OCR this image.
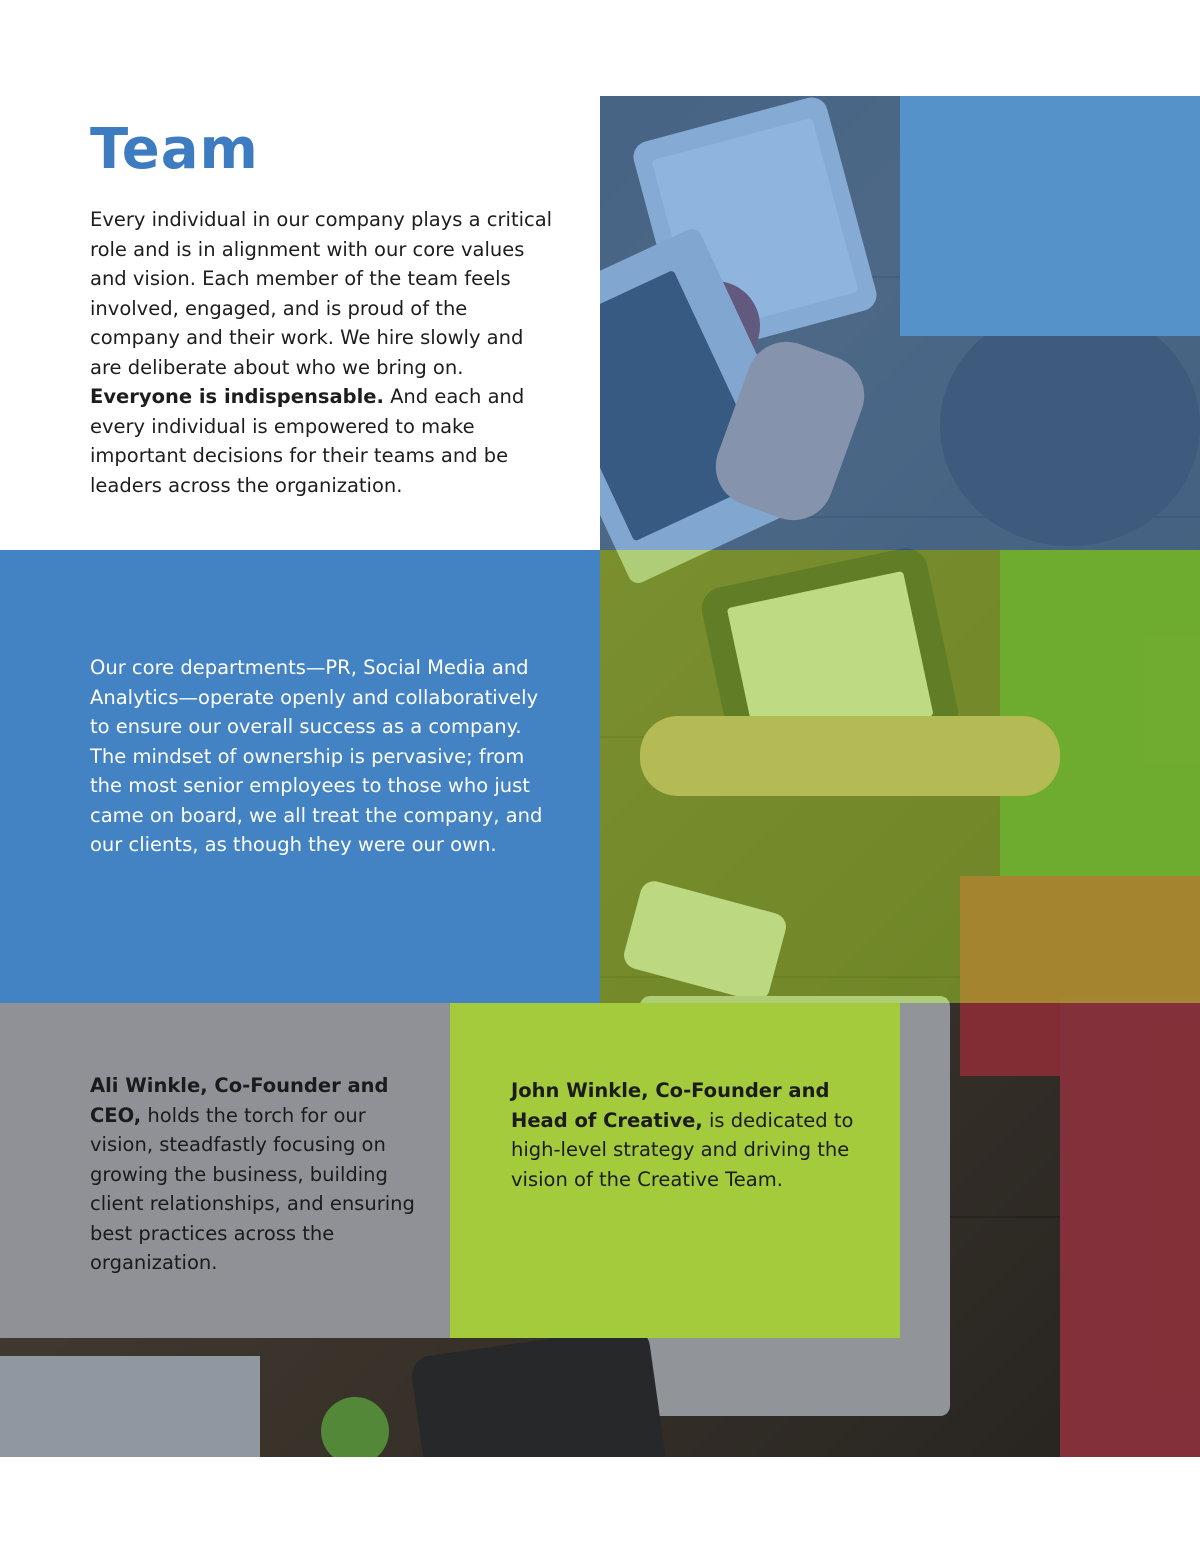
Team

Every individual in our company plays a critical role and is in alignment with our core values and vision. Each member of the team feels involved, engaged, and is proud of the company and their work. We hire slowly and are deliberate about who we bring on. Everyone is indispensable. And each and every individual is empowered to make important decisions for their teams and be leaders across the organization.

Our core departments—PR, Social Media and Analytics—operate openly and collaboratively to ensure our overall success as a company. The mindset of ownership is pervasive; from the most senior employees to those who just came on board, we all treat the company, and our clients, as though they were our own.

Ali Winkle, Co-Founder and CEO, holds the torch for our vision, steadfastly focusing on growing the business, building client relationships, and ensuring best practices across the organization.

John Winkle, Co-Founder and Head of Creative, is dedicated to high-level strategy and driving the vision of the Creative Team.
